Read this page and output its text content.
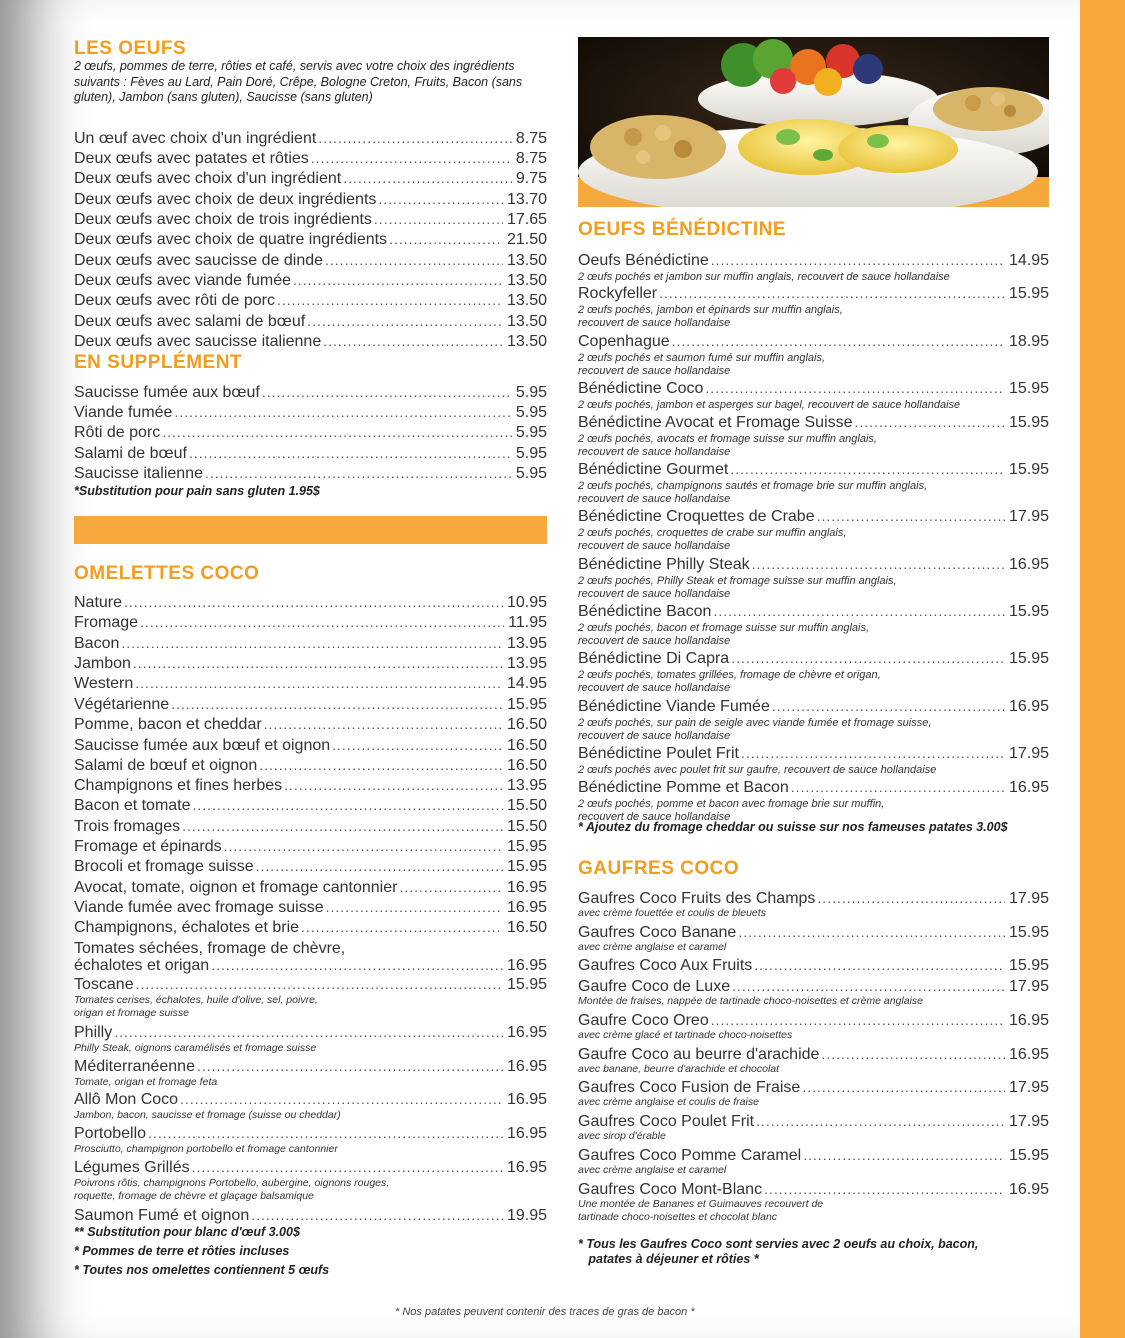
LES OEUFS
2 œufs, pommes de terre, rôties et café, servis avec votre choix des ingrédients suivants : Fèves au Lard, Pain Doré, Crêpe, Bologne Creton, Fruits, Bacon (sans gluten), Jambon (sans gluten), Saucisse (sans gluten)
Un œuf avec choix d'un ingrédient .....	8.75
Deux œufs avec patates et rôties .....	8.75
Deux œufs avec choix d'un ingrédient .....	9.75
Deux œufs avec choix de deux ingrédients .....	13.70
Deux œufs avec choix de trois ingrédients .....	17.65
Deux œufs avec choix de quatre ingrédients .....	21.50
Deux œufs avec saucisse de dinde .....	13.50
Deux œufs avec viande fumée .....	13.50
Deux œufs avec rôti de porc .....	13.50
Deux œufs avec salami de bœuf .....	13.50
Deux œufs avec saucisse italienne .....	13.50
EN SUPPLÉMENT
Saucisse fumée aux bœuf .....	5.95
Viande fumée .....	5.95
Rôti de porc .....	5.95
Salami de bœuf .....	5.95
Saucisse italienne .....	5.95
*Substitution pour pain sans gluten 1.95$
OMELETTES COCO
Nature .....	10.95
Fromage .....	11.95
Bacon .....	13.95
Jambon .....	13.95
Western .....	14.95
Végétarienne .....	15.95
Pomme, bacon et cheddar .....	16.50
Saucisse fumée aux bœuf et oignon .....	16.50
Salami de bœuf et oignon .....	16.50
Champignons et fines herbes .....	13.95
Bacon et tomate .....	15.50
Trois fromages .....	15.50
Fromage et épinards .....	15.95
Brocoli et fromage suisse .....	15.95
Avocat, tomate, oignon et fromage cantonnier .....	16.95
Viande fumée avec fromage suisse .....	16.95
Champignons, échalotes et brie .....	16.50
Tomates séchées, fromage de chèvre,
échalotes et origan .....	16.95
Toscane .....	15.95
Tomates cerises, échalotes, huile d'olive, sel, poivre,
origan et fromage suisse
Philly .....	16.95
Philly Steak, oignons caramélisés et fromage suisse
Méditerranéenne .....	16.95
Tomate, origan et fromage feta
Allô Mon Coco .....	16.95
Jambon, bacon, saucisse et fromage (suisse ou cheddar)
Portobello .....	16.95
Prosciutto, champignon portobello et fromage cantonnier
Légumes Grillés .....	16.95
Poivrons rôtis, champignons Portobello, aubergine, oignons rouges,
roquette, fromage de chèvre et glaçage balsamique
Saumon Fumé et oignon .....	19.95
** Substitution pour blanc d'œuf 3.00$
* Pommes de terre et rôties incluses
* Toutes nos omelettes contiennent 5 œufs
OEUFS BÉNÉDICTINE
Oeufs Bénédictine .....	14.95
2 œufs pochés et jambon sur muffin anglais, recouvert de sauce hollandaise
Rockyfeller .....	15.95
2 œufs pochés, jambon et épinards sur muffin anglais,
recouvert de sauce hollandaise
Copenhague .....	18.95
2 œufs pochés et saumon fumé sur muffin anglais,
recouvert de sauce hollandaise
Bénédictine Coco .....	15.95
2 œufs pochés, jambon et asperges sur bagel, recouvert de sauce hollandaise
Bénédictine Avocat et Fromage Suisse .....	15.95
2 œufs pochés, avocats et fromage suisse sur muffin anglais,
recouvert de sauce hollandaise
Bénédictine Gourmet .....	15.95
2 œufs pochés, champignons sautés et fromage brie sur muffin anglais,
recouvert de sauce hollandaise
Bénédictine Croquettes de Crabe .....	17.95
2 œufs pochés, croquettes de crabe sur muffin anglais,
recouvert de sauce hollandaise
Bénédictine Philly Steak .....	16.95
2 œufs pochés, Philly Steak et fromage suisse sur muffin anglais,
recouvert de sauce hollandaise
Bénédictine Bacon .....	15.95
2 œufs pochés, bacon et fromage suisse sur muffin anglais,
recouvert de sauce hollandaise
Bénédictine Di Capra .....	15.95
2 œufs pochés, tomates grillées, fromage de chèvre et origan,
recouvert de sauce hollandaise
Bénédictine Viande Fumée .....	16.95
2 œufs pochés, sur pain de seigle avec viande fumée et fromage suisse,
recouvert de sauce hollandaise
Bénédictine Poulet Frit .....	17.95
2 œufs pochés avec poulet frit sur gaufre, recouvert de sauce hollandaise
Bénédictine Pomme et Bacon .....	16.95
2 œufs pochés, pomme et bacon avec fromage brie sur muffin,
recouvert de sauce hollandaise
* Ajoutez du fromage cheddar ou suisse sur nos fameuses patates 3.00$
GAUFRES COCO
Gaufres Coco Fruits des Champs .....	17.95
avec crème fouettée et coulis de bleuets
Gaufres Coco Banane .....	15.95
avec crème anglaise et caramel
Gaufres Coco Aux Fruits .....	15.95
Gaufre Coco de Luxe .....	17.95
Montée de fraises, nappée de tartinade choco-noisettes et crème anglaise
Gaufre Coco Oreo .....	16.95
avec crème glacé et tartinade choco-noisettes
Gaufre Coco au beurre d'arachide .....	16.95
avec banane, beurre d'arachide et chocolat
Gaufres Coco Fusion de Fraise .....	17.95
avec crème anglaise et coulis de fraise
Gaufres Coco Poulet Frit .....	17.95
avec sirop d'érable
Gaufres Coco Pomme Caramel .....	15.95
avec crème anglaise et caramel
Gaufres Coco Mont-Blanc .....	16.95
Une montée de Bananes et Guimauves recouvert de
tartinade choco-noisettes et chocolat blanc
* Tous les Gaufres Coco sont servies avec 2 oeufs au choix, bacon,
patates à déjeuner et rôties *
* Nos patates peuvent contenir des traces de gras de bacon *
